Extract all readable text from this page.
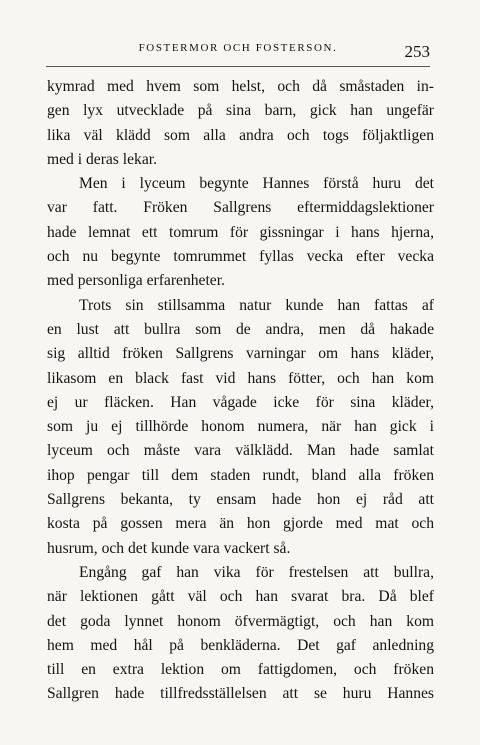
FOSTERMOR OCH FOSTERSON.	253
kymrad med hvem som helst, och då småstaden in-
gen lyx utvecklade på sina barn, gick han ungefär
lika väl klädd som alla andra och togs följaktligen
med i deras lekar.
Men i lyceum begynte Hannes förstå huru det
var fatt. Fröken Sallgrens eftermiddagslektioner
hade lemnat ett tomrum för gissningar i hans hjerna,
och nu begynte tomrummet fyllas vecka efter vecka
med personliga erfarenheter.
Trots sin stillsamma natur kunde han fattas af
en lust att bullra som de andra, men då hakade
sig alltid fröken Sallgrens varningar om hans kläder,
likasom en black fast vid hans fötter, och han kom
ej ur fläcken. Han vågade icke för sina kläder,
som ju ej tillhörde honom numera, när han gick i
lyceum och måste vara välklädd. Man hade samlat
ihop pengar till dem staden rundt, bland alla fröken
Sallgrens bekanta, ty ensam hade hon ej råd att
kosta på gossen mera än hon gjorde med mat och
husrum, och det kunde vara vackert så.
Engång gaf han vika för frestelsen att bullra,
när lektionen gått väl och han svarat bra. Då blef
det goda lynnet honom öfvermägtigt, och han kom
hem med hål på benkläderna. Det gaf anledning
till en extra lektion om fattigdomen, och fröken
Sallgren hade tillfredsställelsen att se huru Hannes
